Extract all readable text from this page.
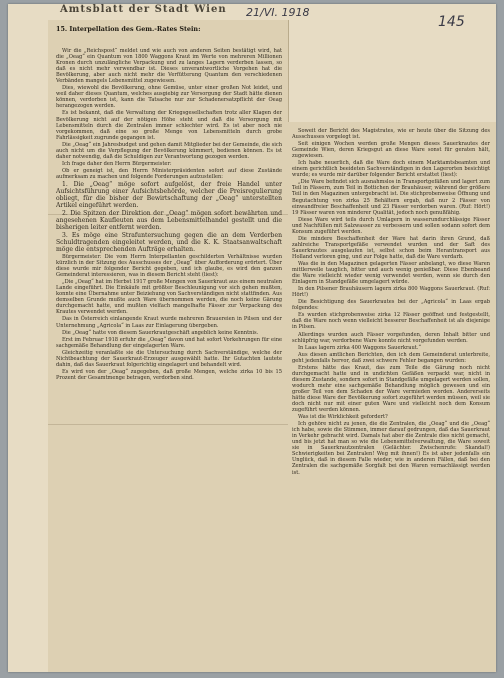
Amtsblatt der Stadt Wien	21/VI. 1918
145

Wir die „Reichspost“ meldet und wie auch von anderen Seiten bestätigt wird, hat die „Oeag“ ein Quantum von 1800 Waggons Kraut im Werte von mehreren Millionen Kronen durch unzulängliche Verpackung und zu langes Lagern verderben lassen, so daß es nicht mehr verwendbar ist. Dieses unverantwortliche Vorgehen hat die Bevölkerung, aber auch nicht mehr die Verfütterung Quantum den verschiedenen Verbänden mangels Lebensmittel zugewiesen.

Dies, wiewohl die Bevölkerung, ohne Gemüse, unter einer großen Not leidet, und weil daher dieses Quantum, welches ausgiebig zur Versorgung der Stadt hätte dienen können, verdorben ist, kann die Tatsache nur zur Schadenersatzpflicht der Oeag herangezogen werden.

Es ist bekannt, daß die Verwaltung der Kriegsgesellschaften trotz aller Klagen der Bevölkerung nicht auf der nötigen Höhe steht und daß die Versorgung mit Lebensmitteln durch die Zentralen immer schlechter wird. Es ist aber noch nie vorgekommen, daß eine so große Menge von Lebensmitteln durch grobe Fahrlässigkeit zugrunde gegangen ist.

Die „Oeag“ ein Jahresbudget und gehen damit Mitglieder bei der Gemeinde, die sich auch nicht um die Verpflegung der Bevölkerung kümmert, bedienen können. Es ist daher notwendig, daß die Schuldigen zur Verantwortung gezogen werden.

Ich frage daher den Herrn Bürgermeister:

Ob er geneigt ist, den Herrn Ministerpräsidenten sofort auf diese Zustände aufmerksam zu machen und folgende Forderungen aufzustellen:

1. Die „Oeag“ möge sofort aufgelöst, der freie Handel unter Aufsichtsführung einer Aufsichtsbehörde, welcher die Preisregulierung obliegt, für die bisher der Bewirtschaftung der „Oeag“ unterstellten Artikel eingeführt werden.

2. Die Spitzen der Direktion der „Oeag“ mögen sofort bewährten und angesehenen Kaufleuten aus dem Lebensmittelhandel gestellt und die bisherigen leiter entfernt werden.

3. Es möge eine Strafuntersuchung gegen die an dem Verderben Schuldtragenden eingeleitet werden, und die K. K. Staatsanwaltschaft möge die entsprechenden Aufträge erhalten.

Bürgermeister: Die vom Herrn Interpellanten geschilderten Verhältnisse wurden kürzlich in der Sitzung des Ausschusses der „Oeag“ über Aufforderung erörtert. Über diese wurde mir folgender Bericht gegeben, und ich glaube, es wird den ganzen Gemeinderat interessieren, was in diesem Bericht steht (liest):

„Die „Oeag“ hat im Herbst 1917 große Mengen von Sauerkraut aus einem neutralen Lande eingeführt. Die Einkäufe mit größter Beschleunigung vor sich gehen mußten, konnte eine Übernahme unter Beiziehung von Sachverständigen nicht stattfinden. Aus demselben Grunde mußte auch Ware übernommen werden, die noch keine Gärung durchgemacht hatte, und mußten vielfach mangelhafte Fässer zur Verpackung des Krautes verwendet werden.

Das in Österreich einlangende Kraut wurde mehreren Brauereien in Pilsen und der Unternehmung „Agricola“ in Laas zur Einlagerung übergeben.

Die „Oeag“ hatte von diesem Sauerkrautgeschäft angeblich keine Kenntnis.

Erst im Februar 1918 erfuhr die „Oeag“ davon und hat sofort Vorkehrungen für eine sachgemäße Behandlung der eingelagerten Ware.

Gleichzeitig veranlaßte sie die Untersuchung durch Sachverständige, welche der Nichtbeachtung der Sauerkraut-Erzeuger ausgewählt hatte. Ihr Gutachten lautete dahin, daß das Sauerkraut folgerichtig eingelagert und behandelt wird.

Es wird von der „Oeag“ zugegeben, daß große Mengen, welche zirka 10 bis 15 Prozent der Gesamtmenge betragen, verdorben sind.

15. Interpellation des Gem.-Rates Stein:

Soweit der Bericht des Magistrates, wie er heute über die Sitzung des Ausschusses vorgelegt ist.

Seit einigen Wochen werden große Mengen dieses Sauerkrautes der Gemeinde Wien, deren Kriegsgut an diese Ware sonst für geraten hält, zugewiesen.

Ich habe neuerlich, daß die Ware doch einem Marktamtsbeamten und einem gerichtlich beeideten Sachverständigen in den Lagerorten besichtigt wurde; es wurde mir darüber folgender Bericht erstattet (liest):

„Die Ware befindet sich ausnahmslos in Transportgefäßen und lagert zum Teil in Fässern, zum Teil in Bottichen der Brauhäuser, während der größere Teil in den Magazinen untergebracht ist. Die stichprobenweise Öffnung und Begutachtung von zirka 25 Behältern ergab, daß nur 2 Fässer von einwandfreier Beschaffenheit und 23 Fässer verdorben waren. (Ruf: Hört!) 19 Fässer waren von minderer Qualität, jedoch noch genußfähig.

Diese Ware wird teils durch Umlagern in wasserundurchlässige Fässer und Nachfüllen mit Salzwasser zu verbessern und sollen sodann sofort dem Konsum zugeführt werden.

Die mindere Beschaffenheit der Ware hat darin ihren Grund, daß zahlreiche Transportgefäße verwendet wurden und der Saft des Sauerkrautes ausgelaufen ist, selbst schon beim Herantransport aus Holland verloren ging, und zur Folge hatte, daß die Ware verdarb.

Was die in den Magazinen gelagerten Fässer anbelangt, wo diese Waren mittlerweile tauglich, bitter und auch wenig genießbar. Diese Ebenbeand die Ware vielleicht wieder wenig verwendet werden, wenn sie durch den Einlagern in Standgefäße umgelagert würde.

In den Pilsener Brauhäusern lagern zirka 800 Waggons Sauerkraut. (Ruf: Hört!)

Die Besichtigung des Sauerkrautes bei der „Agricola“ in Laas ergab folgendes:

Es wurden stichprobenweise zirka 12 Fässer geöffnet und festgestellt, daß die Ware noch wenn vielleicht besserer Beschaffenheit ist als diejenige in Pilsen.

Allerdings wurden auch Fässer vorgefunden, deren Inhalt bitter und schlüpfrig war, verdorbene Ware konnte nicht vorgefunden werden.

In Laas lagern zirka 400 Waggons Sauerkraut.“

Aus diesen amtlichen Berichten, den ich dem Gemeinderat unterbreite, geht jedenfalls hervor, daß zwei schwere Fehler begangen wurden:

Erstens hätte das Kraut, das zum Teile die Gärung noch nicht durchgemacht hatte und in undichten Gefäßen verpackt war, nicht in diesem Zustande, sondern sofort in Standgefäße umgelagert werden sollen, wodurch mehr eine sachgemäße Behandlung möglich gewesen und ein großer Teil von dem Schaden der Ware vermieden worden. Andererseits hätte diese Ware der Bevölkerung sofort zugeführt werden müssen, weil sie doch nicht nur mit einer guten Ware und vielleicht noch dem Konsum zugeführt werden können.

Was ist die Wirklichkeit gefordert?

Ich gehöre nicht zu jenen, die die Zentralen, die „Oeag“ und die „Oeag“ ich habe, sowie die Stimmen, immer darauf gedrungen, daß das Sauerkraut in Verkehr gebracht wird. Damals hat aber die Zentrale dies nicht gemacht, und bis jetzt hat man so wie die Lebensmittelverwaltung, die Ware soweit sie in Sauerkrautzentralen (Gelächter. Zwischenrufe: Skandal!) Schwierigkeiten bei Zentralen! Weg mit ihnen!) Es ist aber jedenfalls ein Unglück, daß in diesem Falle wieder, wie in anderen Fällen, daß bei den Zentralen die sachgemäße Sorgfalt bei den Waren vernachlässigt werden ist.
